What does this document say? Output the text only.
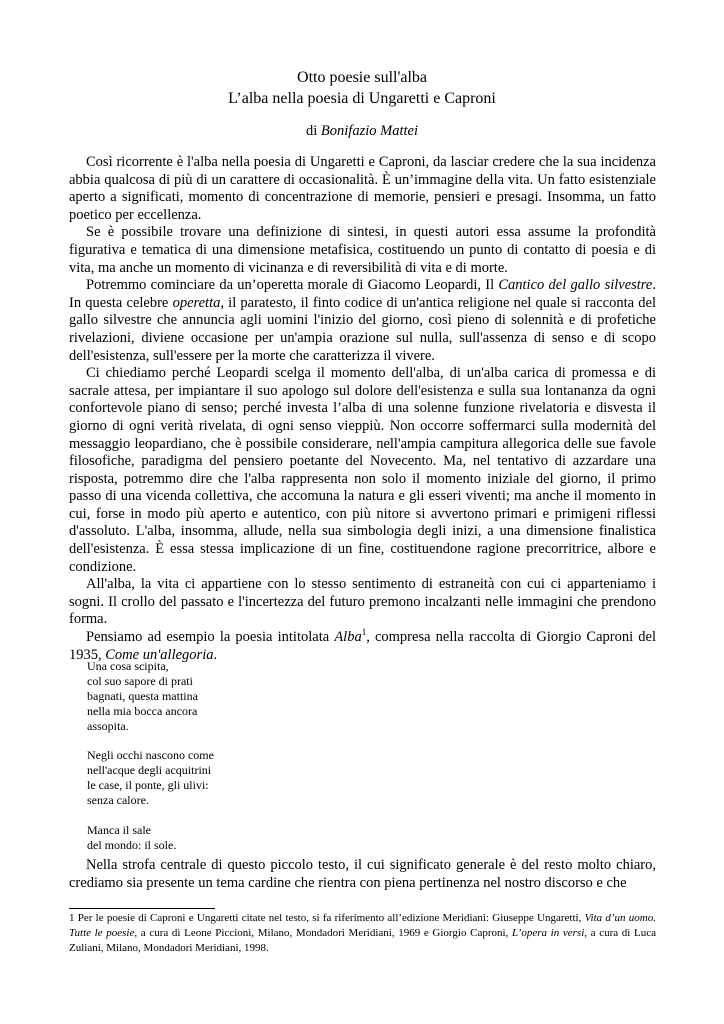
Otto poesie sull'alba
L’alba nella poesia di Ungaretti e Caproni
di Bonifazio Mattei

Così ricorrente è l'alba nella poesia di Ungaretti e Caproni, da lasciar credere che la sua incidenza abbia qualcosa di più di un carattere di occasionalità. È un’immagine della vita. Un fatto esistenziale aperto a significati, momento di concentrazione di memorie, pensieri e presagi. Insomma, un fatto poetico per eccellenza.

Se è possibile trovare una definizione di sintesi, in questi autori essa assume la profondità figurativa e tematica di una dimensione metafisica, costituendo un punto di contatto di poesia e di vita, ma anche un momento di vicinanza e di reversibilità di vita e di morte.

Potremmo cominciare da un’operetta morale di Giacomo Leopardi, Il Cantico del gallo silvestre. In questa celebre operetta, il paratesto, il finto codice di un'antica religione nel quale si racconta del gallo silvestre che annuncia agli uomini l'inizio del giorno, così pieno di solennità e di profetiche rivelazioni, diviene occasione per un'ampia orazione sul nulla, sull'assenza di senso e di scopo dell'esistenza, sull'essere per la morte che caratterizza il vivere.

Ci chiediamo perché Leopardi scelga il momento dell'alba, di un'alba carica di promessa e di sacrale attesa, per impiantare il suo apologo sul dolore dell'esistenza e sulla sua lontananza da ogni confortevole piano di senso; perché investa l’alba di una solenne funzione rivelatoria e disvesta il giorno di ogni verità rivelata, di ogni senso vieppiù. Non occorre soffermarci sulla modernità del messaggio leopardiano, che è possibile considerare, nell'ampia campitura allegorica delle sue favole filosofiche, paradigma del pensiero poetante del Novecento. Ma, nel tentativo di azzardare una risposta, potremmo dire che l'alba rappresenta non solo il momento iniziale del giorno, il primo passo di una vicenda collettiva, che accomuna la natura e gli esseri viventi; ma anche il momento in cui, forse in modo più aperto e autentico, con più nitore si avvertono primari e primigeni riflessi d'assoluto. L'alba, insomma, allude, nella sua simbologia degli inizi, a una dimensione finalistica dell'esistenza. È essa stessa implicazione di un fine, costituendone ragione precorritrice, albore e condizione.

All'alba, la vita ci appartiene con lo stesso sentimento di estraneità con cui ci apparteniamo i sogni. Il crollo del passato e l'incertezza del futuro premono incalzanti nelle immagini che prendono forma.

Pensiamo ad esempio la poesia intitolata Alba$^1$, compresa nella raccolta di Giorgio Caproni del 1935, Come un'allegoria.

Una cosa scipita,
col suo sapore di prati
bagnati, questa mattina
nella mia bocca ancora
assopita.
Negli occhi nascono come
nell'acque degli acquitrini
le case, il ponte, gli ulivi:
senza calore.
Manca il sale
del mondo: il sole.

Nella strofa centrale di questo piccolo testo, il cui significato generale è del resto molto chiaro, crediamo sia presente un tema cardine che rientra con piena pertinenza nel nostro discorso e che

1 Per le poesie di Caproni e Ungaretti citate nel testo, si fa riferimento all’edizione Meridiani: Giuseppe Ungaretti, Vita d’un uomo. Tutte le poesie, a cura di Leone Piccioni, Milano, Mondadori Meridiani, 1969 e Giorgio Caproni, L’opera in versi, a cura di Luca Zuliani, Milano, Mondadori Meridiani, 1998.
